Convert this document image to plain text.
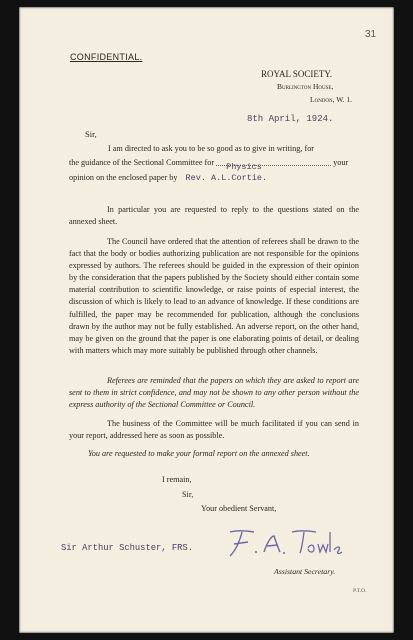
31
CONFIDENTIAL.
ROYAL SOCIETY.
Burlington House,
London, W. 1.
8th April, 1924.
Sir,
I am directed to ask you to be so good as to give in writing, for
the guidance of the Sectional Committee for Physics	your
opinion on the enclosed paper by Rev. A.L.Cortie.
In particular you are requested to reply to the questions stated on the annexed sheet.
The Council have ordered that the attention of referees shall be drawn to the fact that the body or bodies authorizing publication are not responsible for the opinions expressed by authors. The referees should be guided in the expression of their opinion by the consideration that the papers published by the Society should either contain some material contribution to scientific knowledge, or raise points of especial interest, the discussion of which is likely to lead to an advance of knowledge. If these conditions are fulfilled, the paper may be recommended for publication, although the conclusions drawn by the author may not be fully established. An adverse report, on the other hand, may be given on the ground that the paper is one elaborating points of detail, or dealing with matters which may more suitably be published through other channels.
Referees are reminded that the papers on which they are asked to report are sent to them in strict confidence, and may not be shown to any other person without the express authority of the Sectional Committee or Council.
The business of the Committee will be much facilitated if you can send in your report, addressed here as soon as possible.
You are requested to make your formal report on the annexed sheet.
I remain,
Sir,
Your obedient Servant,
Sir Arthur Schuster, FRS.
Assistant Secretary.
P.T.O.
